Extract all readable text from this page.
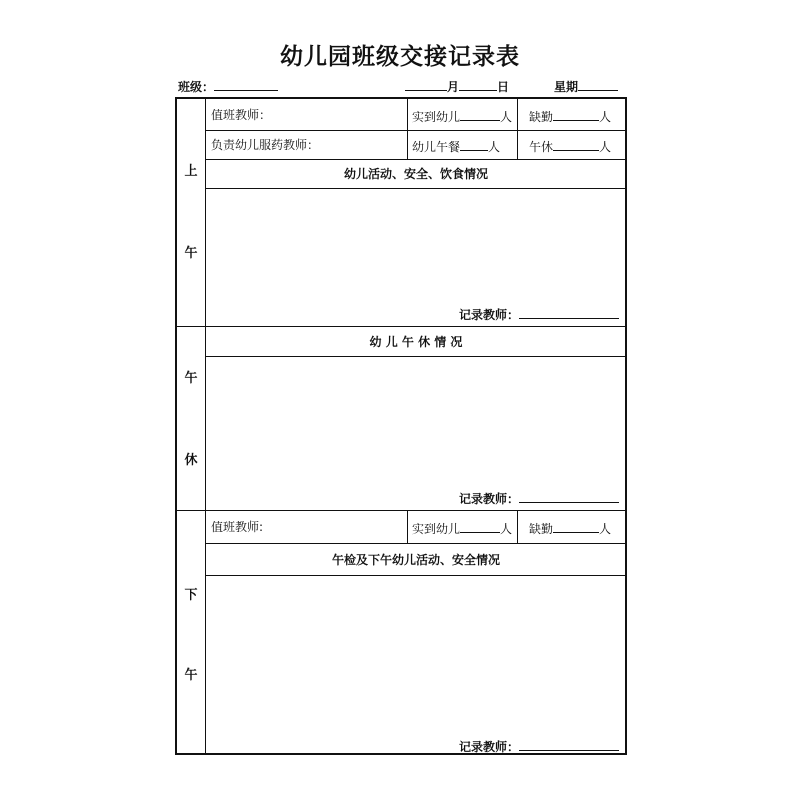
幼儿园班级交接记录表
班级：	月	日	星期
上
午
午
休
下
午
值班教师：	实到幼儿	人 缺勤	人
负责幼儿服药教师：	幼儿午餐 人 午休	人
幼儿活动、安全、饮食情况
记录教师：
幼 儿 午 休 情 况
记录教师：
值班教师:	实到幼儿	人 缺勤	人
午检及下午幼儿活动、安全情况
记录教师：
